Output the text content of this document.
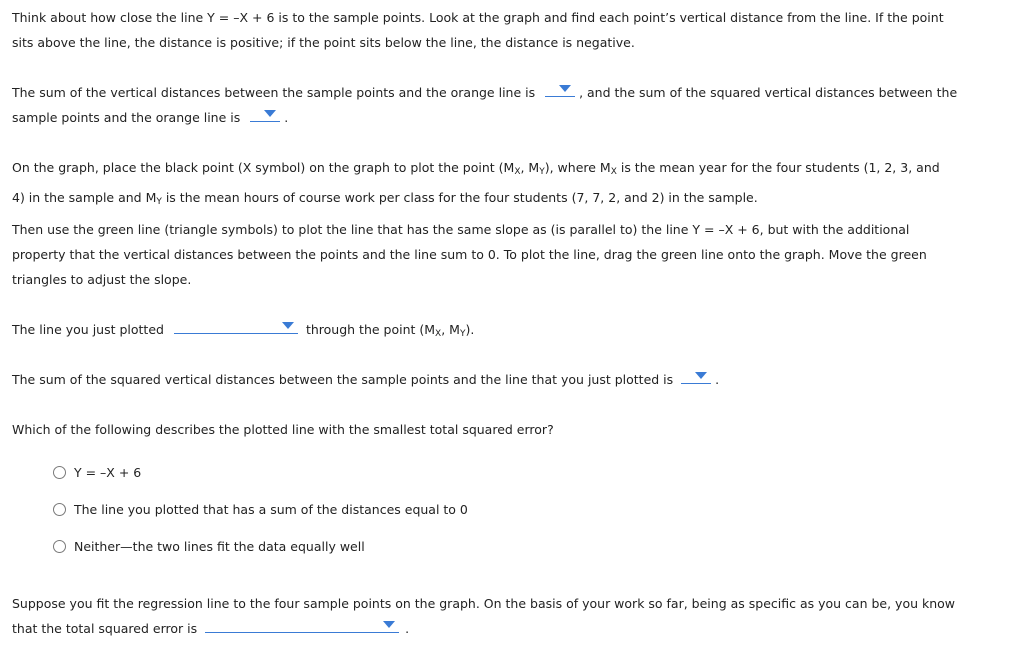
Think about how close the line Y = –X + 6 is to the sample points. Look at the graph and find each point’s vertical distance from the line. If the point
sits above the line, the distance is positive; if the point sits below the line, the distance is negative.
The sum of the vertical distances between the sample points and the orange line is	, and the sum of the squared vertical distances between the
sample points and the orange line is	.
On the graph, place the black point (X symbol) on the graph to plot the point ($M_X$, $M_Y$), where $M_X$ is the mean year for the four students (1, 2, 3, and
4) in the sample and $M_Y$ is the mean hours of course work per class for the four students (7, 7, 2, and 2) in the sample.
Then use the green line (triangle symbols) to plot the line that has the same slope as (is parallel to) the line Y = –X + 6, but with the additional
property that the vertical distances between the points and the line sum to 0. To plot the line, drag the green line onto the graph. Move the green
triangles to adjust the slope.
The line you just plotted	through the point ($M_X$, $M_Y$).
The sum of the squared vertical distances between the sample points and the line that you just plotted is	.
Which of the following describes the plotted line with the smallest total squared error?
Y = –X + 6
The line you plotted that has a sum of the distances equal to 0
Neither—the two lines fit the data equally well
Suppose you fit the regression line to the four sample points on the graph. On the basis of your work so far, being as specific as you can be, you know
that the total squared error is	.
